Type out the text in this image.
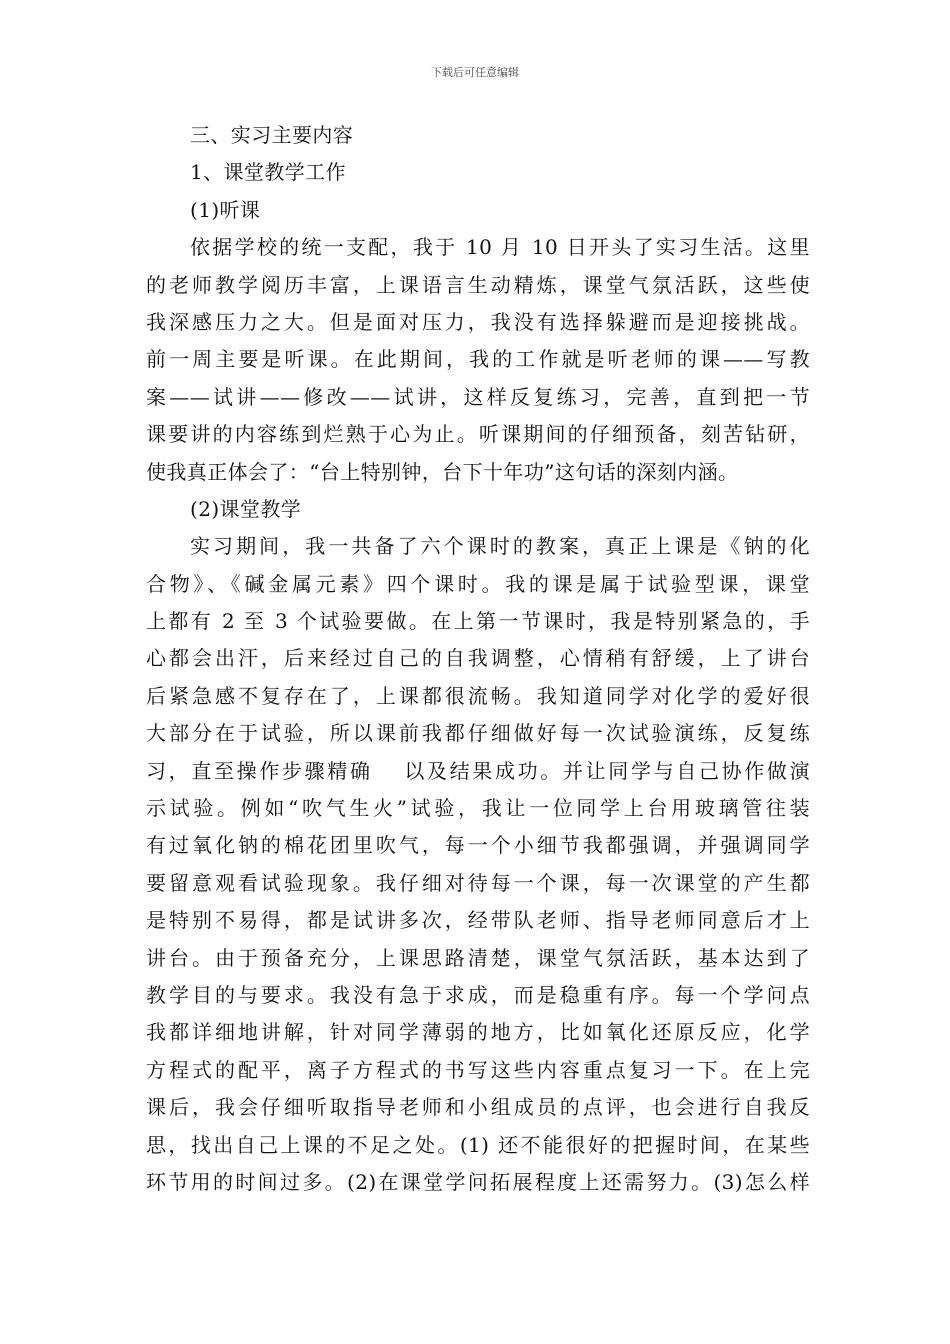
下载后可任意编辑
三、实习主要内容
1、课堂教学工作
(1)听课
依据学校的统一支配，我于 10 月 10 日开头了实习生活。这里
的老师教学阅历丰富，上课语言生动精炼，课堂气氛活跃，这些使
我深感压力之大。但是面对压力，我没有选择躲避而是迎接挑战。
前一周主要是听课。在此期间，我的工作就是听老师的课——写教
案——试讲——修改——试讲，这样反复练习，完善，直到把一节
课要讲的内容练到烂熟于心为止。听课期间的仔细预备，刻苦钻研，
使我真正体会了：“台上特别钟，台下十年功”这句话的深刻内涵。
(2)课堂教学
实习期间，我一共备了六个课时的教案，真正上课是《钠的化
合物》、《碱金属元素》四个课时。我的课是属于试验型课，课堂
上都有 2 至 3 个试验要做。在上第一节课时，我是特别紧急的，手
心都会出汗，后来经过自己的自我调整，心情稍有舒缓，上了讲台
后紧急感不复存在了，上课都很流畅。我知道同学对化学的爱好很
大部分在于试验，所以课前我都仔细做好每一次试验演练，反复练
习，直至操作步骤精确　 以及结果成功。并让同学与自己协作做演
示试验。例如“吹气生火”试验，我让一位同学上台用玻璃管往装
有过氧化钠的棉花团里吹气，每一个小细节我都强调，并强调同学
要留意观看试验现象。我仔细对待每一个课，每一次课堂的产生都
是特别不易得，都是试讲多次，经带队老师、指导老师同意后才上
讲台。由于预备充分，上课思路清楚，课堂气氛活跃，基本达到了
教学目的与要求。我没有急于求成，而是稳重有序。每一个学问点
我都详细地讲解，针对同学薄弱的地方，比如氧化还原反应，化学
方程式的配平，离子方程式的书写这些内容重点复习一下。在上完
课后，我会仔细听取指导老师和小组成员的点评，也会进行自我反
思，找出自己上课的不足之处。(1) 还不能很好的把握时间，在某些
环节用的时间过多。(2)在课堂学问拓展程度上还需努力。(3)怎么样
